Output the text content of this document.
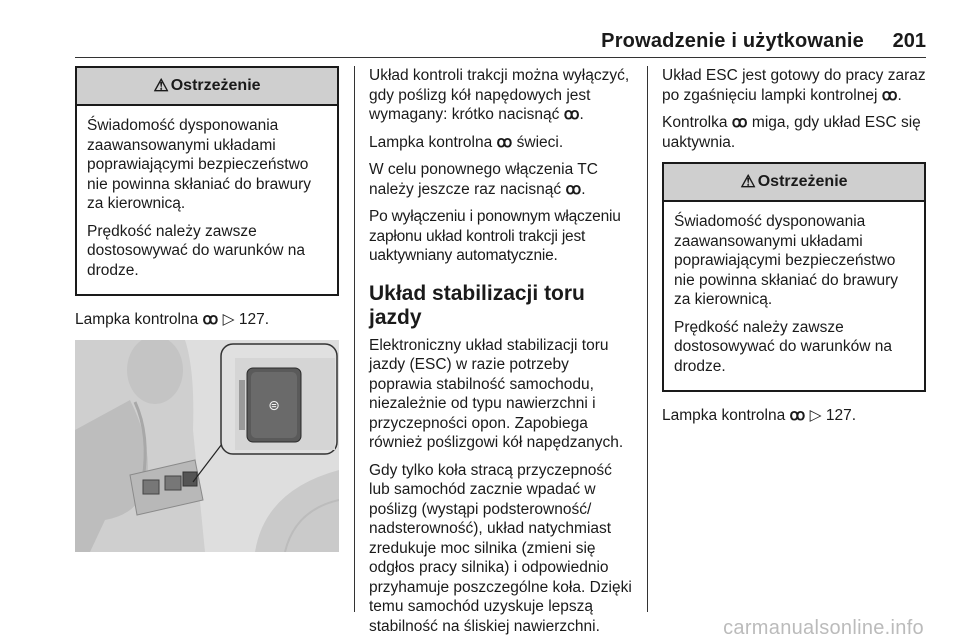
Prowadzenie i użytkowanie 201
⚠ Ostrzeżenie

Świadomość dysponowania zaawansowanymi układami poprawiającymi bezpieczeństwo nie powinna skłaniać do brawury za kierownicą.

Prędkość należy zawsze dostosowywać do warunków na drodze.

Lampka kontrolna ꝏ ▷ 127.

⊜

Układ kontroli trakcji można wyłączyć, gdy poślizg kół napędowych jest wymagany: krótko nacisnąć ꝏ.

Lampka kontrolna ꝏ świeci.

W celu ponownego włączenia TC należy jeszcze raz nacisnąć ꝏ.

Po wyłączeniu i ponownym włączeniu zapłonu układ kontroli trakcji jest uaktywniany automatycznie.

Układ stabilizacji toru jazdy

Elektroniczny układ stabilizacji toru jazdy (ESC) w razie potrzeby poprawia stabilność samochodu, niezależnie od typu nawierzchni i przyczepności opon. Zapobiega również poślizgowi kół napędzanych.

Gdy tylko koła stracą przyczepność lub samochód zacznie wpadać w poślizg (wystąpi podsterowność/ nadsterowność), układ natychmiast zredukuje moc silnika (zmieni się odgłos pracy silnika) i odpowiednio przyhamuje poszczególne koła. Dzięki temu samochód uzyskuje lepszą stabilność na śliskiej nawierzchni.

Układ ESC jest gotowy do pracy zaraz po zgaśnięciu lampki kontrolnej ꝏ.

Kontrolka ꝏ miga, gdy układ ESC się uaktywnia.

⚠ Ostrzeżenie

Świadomość dysponowania zaawansowanymi układami poprawiającymi bezpieczeństwo nie powinna skłaniać do brawury za kierownicą.

Prędkość należy zawsze dostosowywać do warunków na drodze.

Lampka kontrolna ꝏ ▷ 127.

carmanualsonline.info
